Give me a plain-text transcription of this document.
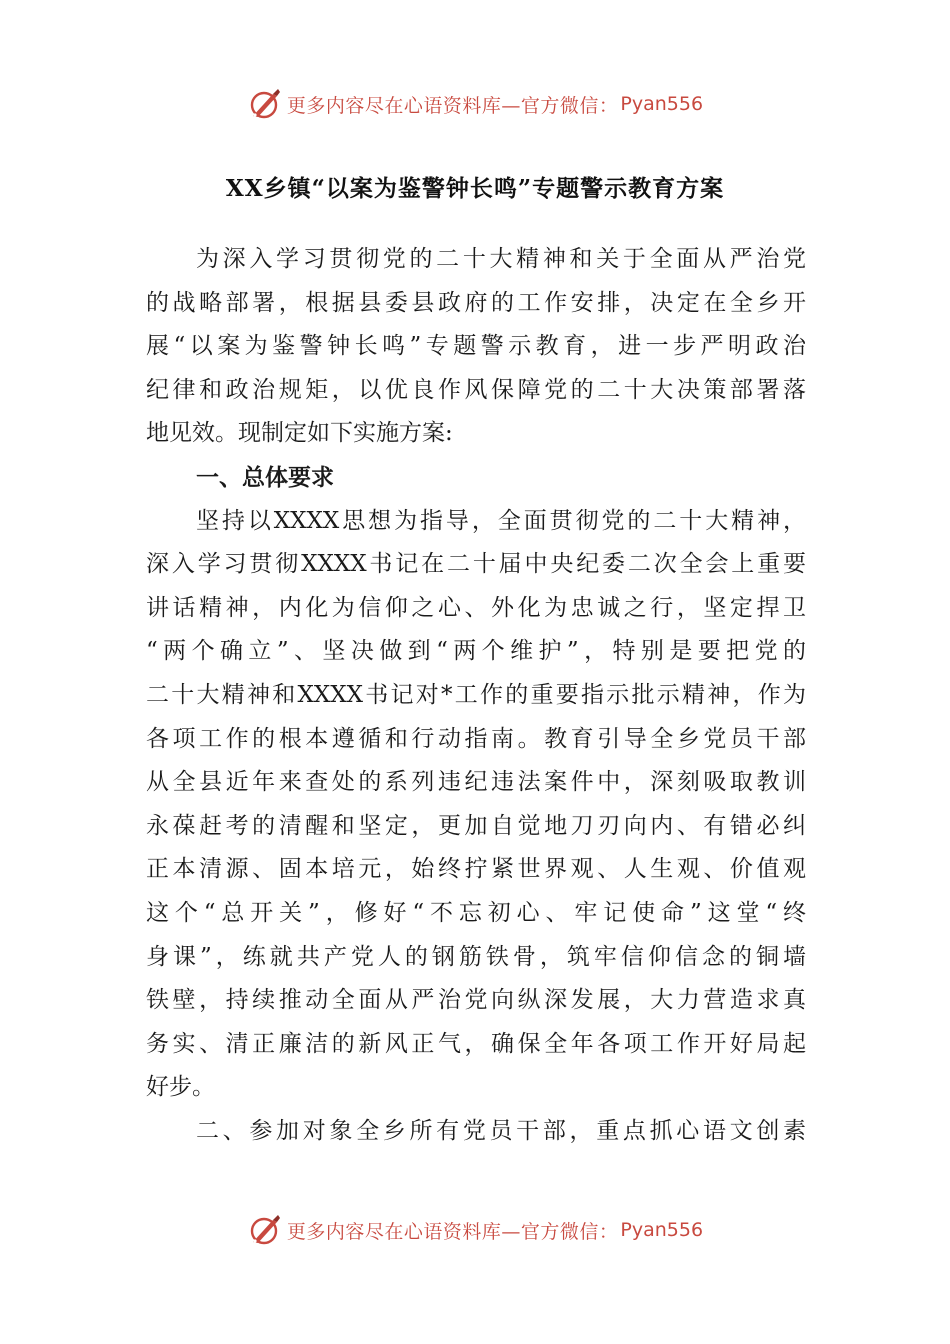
更多内容尽在心语资料库—官方微信： Pyan556
XX乡镇“以案为鉴警钟长鸣”专题警示教育方案
为深入学习贯彻党的二十大精神和关于全面从严治党
的战略部署，根据县委县政府的工作安排，决定在全乡开
展“以案为鉴警钟长鸣”专题警示教育，进一步严明政治
纪律和政治规矩，以优良作风保障党的二十大决策部署落
地见效。现制定如下实施方案:
一、总体要求
坚持以XXXX思想为指导，全面贯彻党的二十大精神，
深入学习贯彻XXXX书记在二十届中央纪委二次全会上重要
讲话精神，内化为信仰之心、外化为忠诚之行，坚定捍卫
“两个确立”、坚决做到“两个维护”，特别是要把党的
二十大精神和XXXX书记对*工作的重要指示批示精神，作为
各项工作的根本遵循和行动指南。教育引导全乡党员干部
从全县近年来查处的系列违纪违法案件中，深刻吸取教训
永葆赶考的清醒和坚定，更加自觉地刀刃向内、有错必纠
正本清源、固本培元，始终拧紧世界观、人生观、价值观
这个“总开关”，修好“不忘初心、牢记使命”这堂“终
身课”，练就共产党人的钢筋铁骨，筑牢信仰信念的铜墙
铁壁，持续推动全面从严治党向纵深发展，大力营造求真
务实、清正廉洁的新风正气，确保全年各项工作开好局起
好步。
二、参加对象全乡所有党员干部，重点抓心语文创素
更多内容尽在心语资料库—官方微信： Pyan556
